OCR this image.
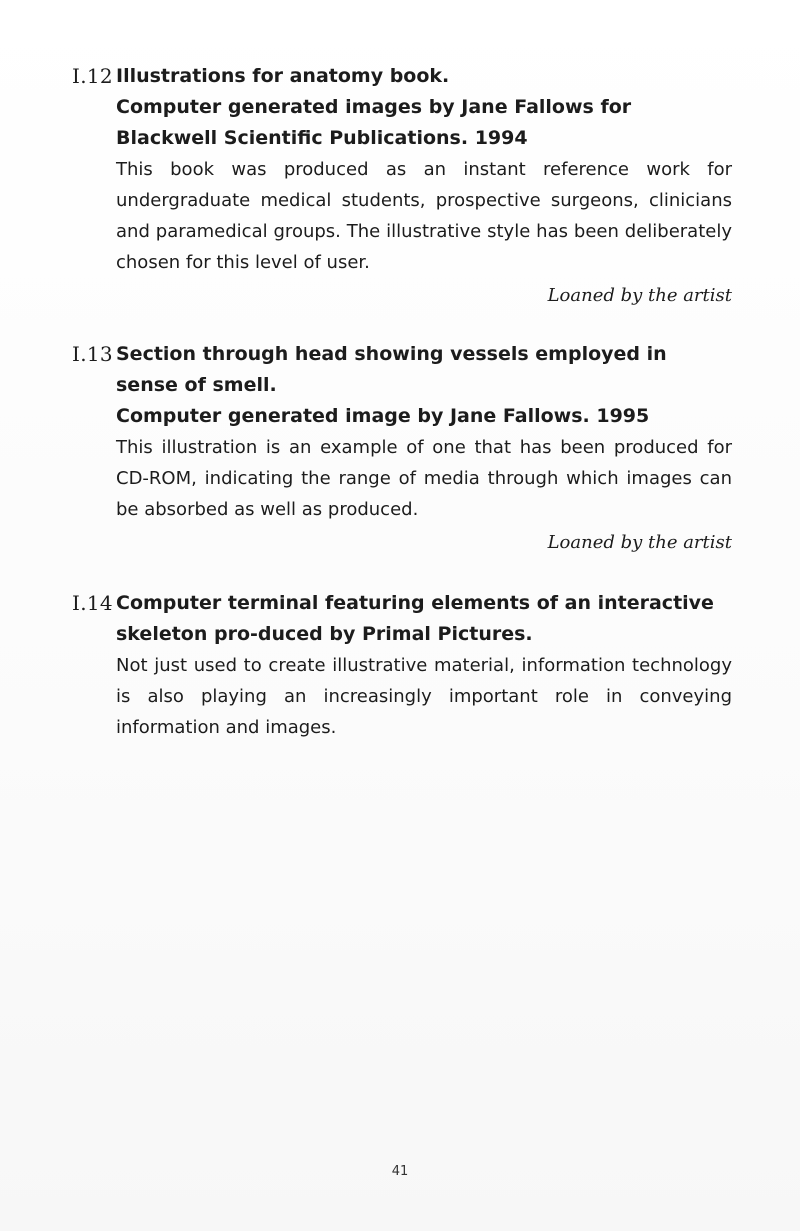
I.12 Illustrations for anatomy book.

Computer generated images by Jane Fallows for Blackwell Scientific Publications. 1994

This book was produced as an instant reference work for undergraduate medical students, prospective surgeons, clinicians and paramedical groups. The illustrative style has been deliberately chosen for this level of user.

Loaned by the artist

I.13 Section through head showing vessels employed in sense of smell.

Computer generated image by Jane Fallows. 1995

This illustration is an example of one that has been produced for CD-ROM, indicating the range of media through which images can be absorbed as well as produced.

Loaned by the artist

I.14 Computer terminal featuring elements of an interactive skeleton pro-duced by Primal Pictures.

Not just used to create illustrative material, information technology is also playing an increasingly important role in conveying information and images.

41
